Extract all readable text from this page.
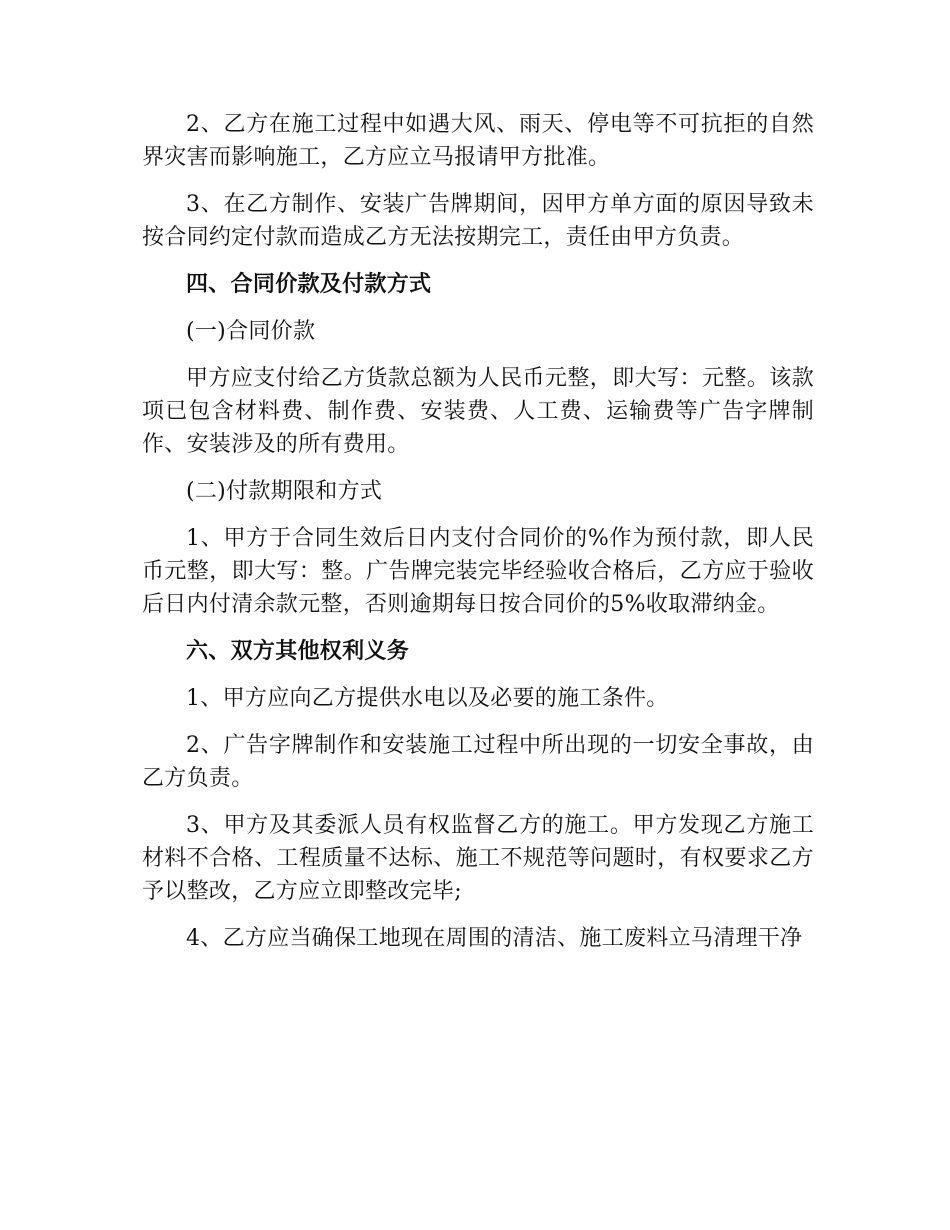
2、乙方在施工过程中如遇大风、雨天、停电等不可抗拒的自然界灾害而影响施工，乙方应立马报请甲方批准。

3、在乙方制作、安装广告牌期间，因甲方单方面的原因导致未按合同约定付款而造成乙方无法按期完工，责任由甲方负责。

四、合同价款及付款方式

(一)合同价款

甲方应支付给乙方货款总额为人民币元整，即大写：元整。该款项已包含材料费、制作费、安装费、人工费、运输费等广告字牌制作、安装涉及的所有费用。

(二)付款期限和方式

1、甲方于合同生效后日内支付合同价的%作为预付款，即人民币元整，即大写：整。广告牌完装完毕经验收合格后，乙方应于验收后日内付清余款元整，否则逾期每日按合同价的5%收取滞纳金。

六、双方其他权利义务

1、甲方应向乙方提供水电以及必要的施工条件。

2、广告字牌制作和安装施工过程中所出现的一切安全事故，由乙方负责。

3、甲方及其委派人员有权监督乙方的施工。甲方发现乙方施工材料不合格、工程质量不达标、施工不规范等问题时，有权要求乙方予以整改，乙方应立即整改完毕;

4、乙方应当确保工地现在周围的清洁、施工废料立马清理干净
